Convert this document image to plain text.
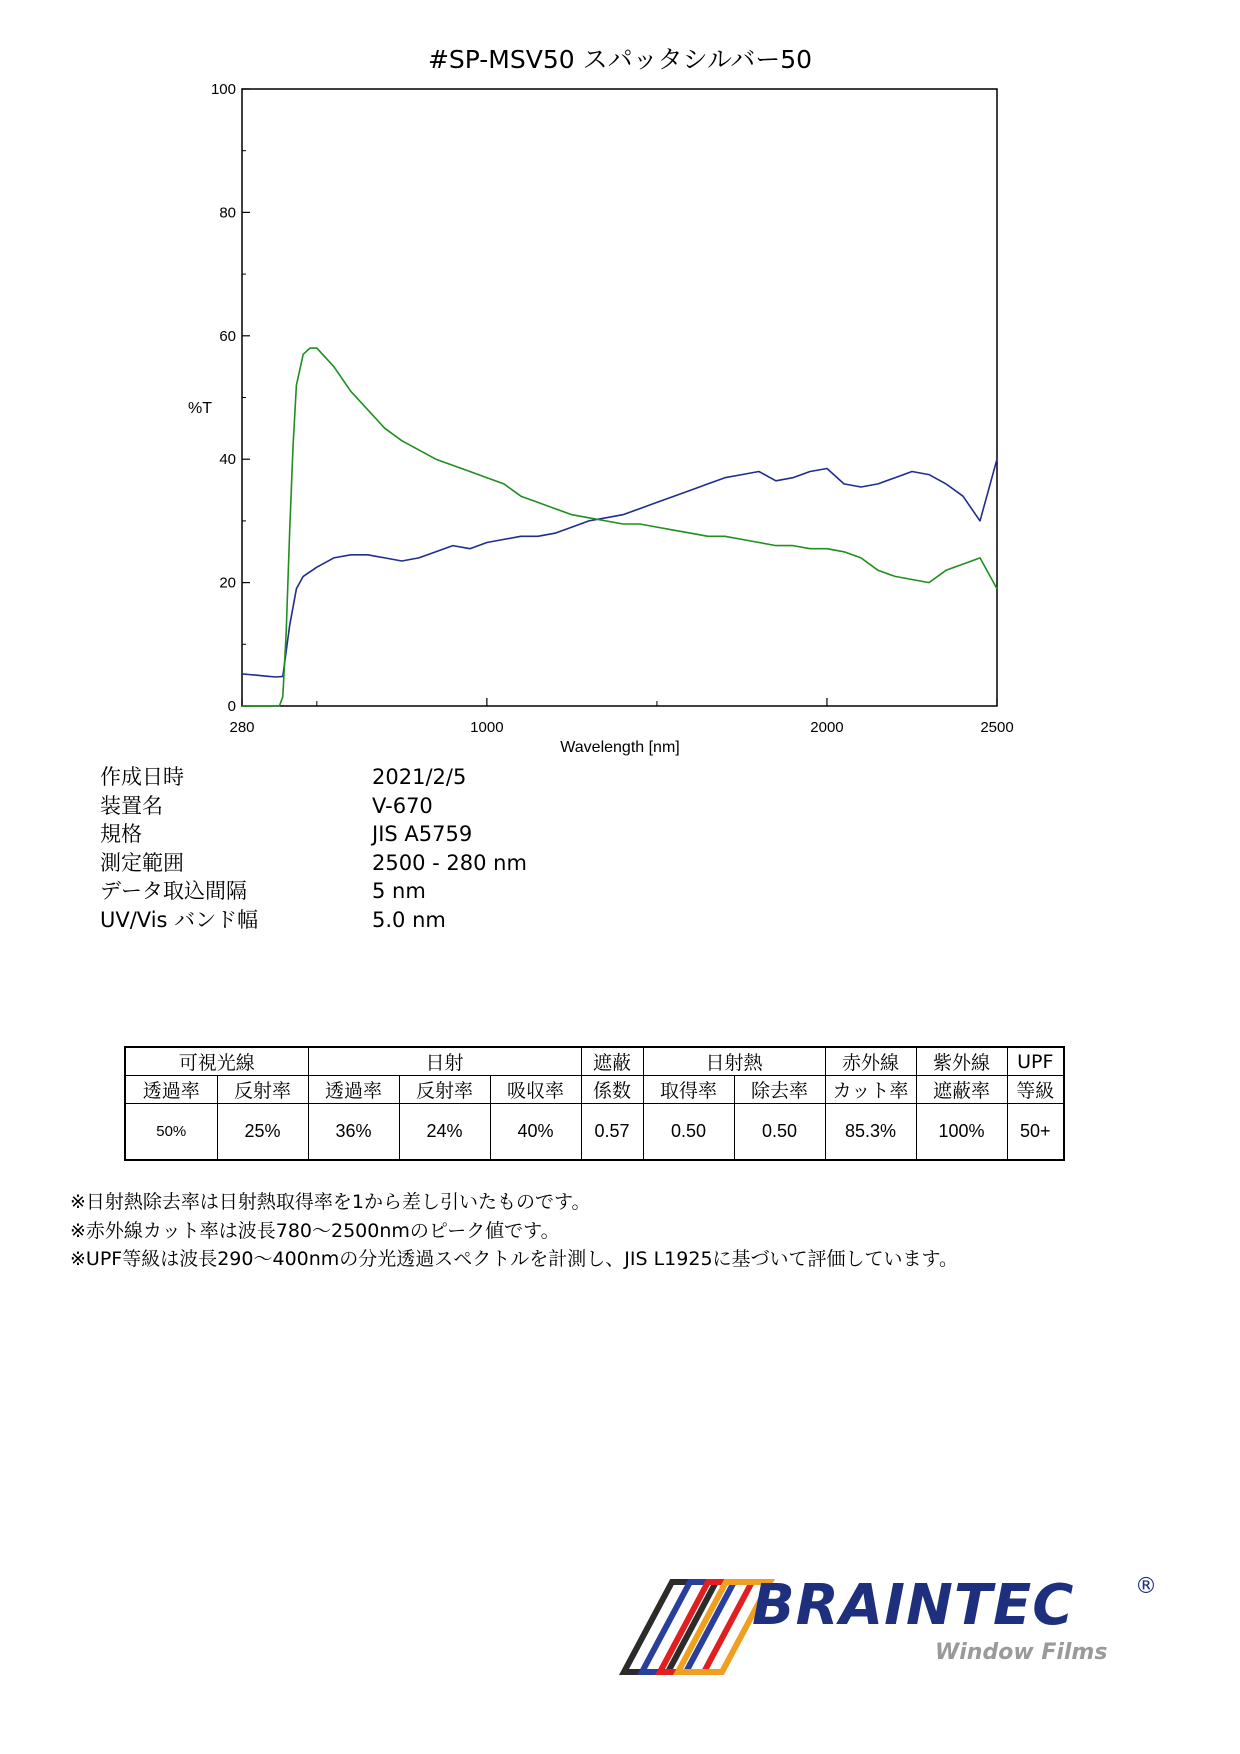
#SP-MSV50 スパッタシルバー50
0
20
40
60
80
100
280	1000	2000	2500
%T
Wavelength [nm]
作成日時	2021/2/5
装置名	V-670
規格	JIS A5759
測定範囲	2500 - 280 nm
データ取込間隔	5 nm
UV/Vis バンド幅	5.0 nm
可視光線		日射			遮蔽	日射熱		赤外線	紫外線	UPF
透過率	反射率	透過率	反射率	吸収率	係数	取得率	除去率	カット率	遮蔽率	等級
50%	25%	36%	24%	40%	0.57	0.50	0.50	85.3%	100%	50+
※日射熱除去率は日射熱取得率を1から差し引いたものです。
※赤外線カット率は波長780〜2500nmのピーク値です。
※UPF等級は波長290〜400nmの分光透過スペクトルを計測し、JIS L1925に基づいて評価しています。
BRAINTEC	®
Window Films
